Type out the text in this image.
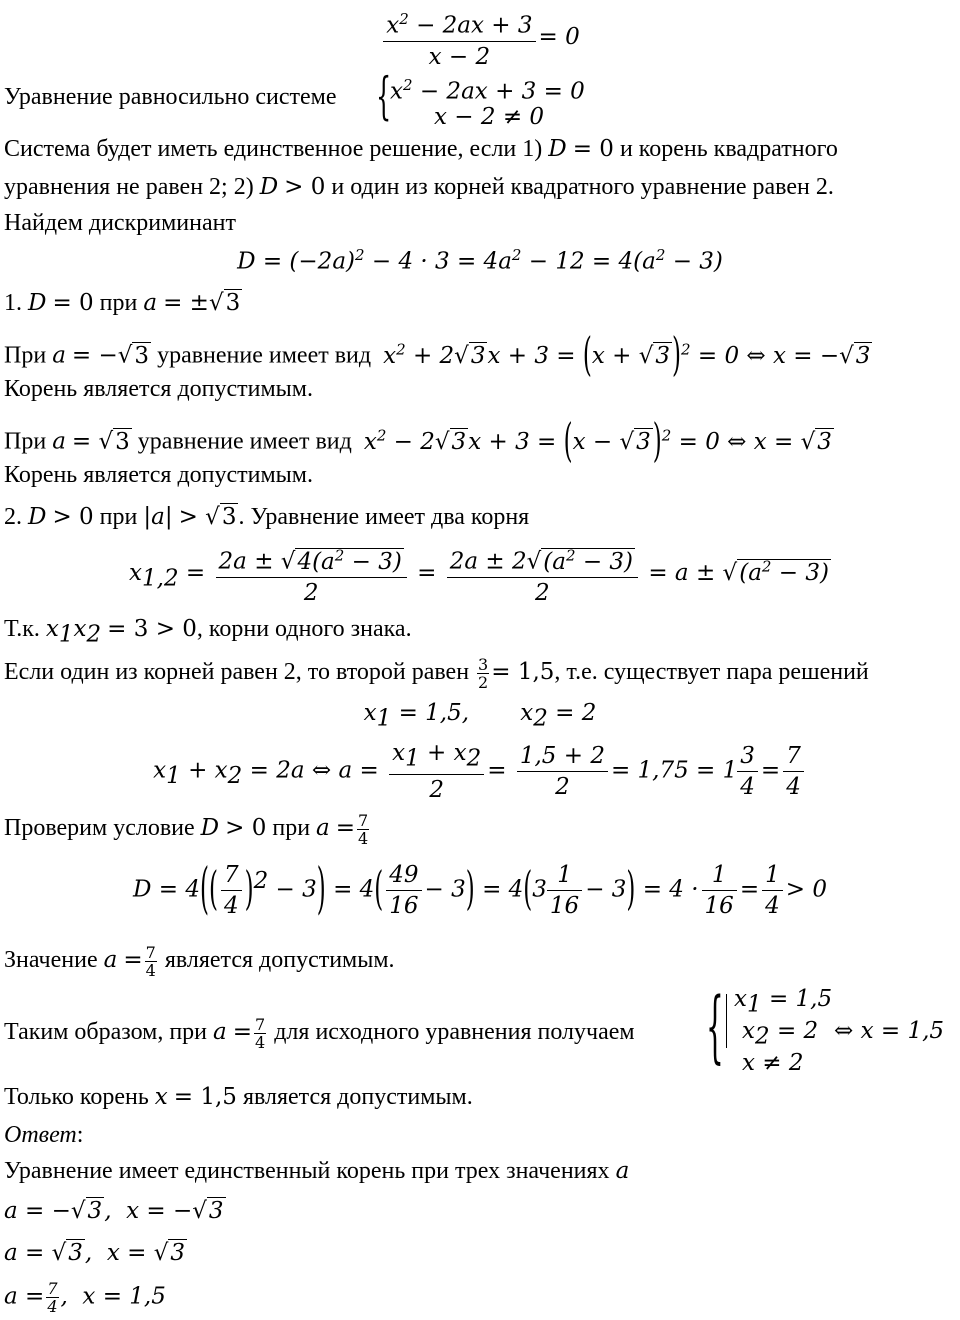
$\frac{x^2 - 2ax + 3}{x - 2} = 0$
Уравнение равносильно системе {
$x^2 - 2ax + 3 = 0$
x − 2 ≠ 0
Система будет иметь единственное решение, если 1) D = 0 и корень квадратного
уравнения не равен 2; 2) D > 0 и один из корней квадратного уравнение равен 2.
Найдем дискриминант
$D = (-2a)^2 - 4 \cdot 3 = 4a^2 - 12 = 4(a^2 - 3)$
1. D = 0 при a = ±√3
При a = −√3 уравнение имеет вид  $x^2 + 2√3x + 3 = (x + √3)^2 = 0$ ⇔ x = −√3
Корень является допустимым.
При a = √3 уравнение имеет вид  $x^2 - 2√3x + 3 = (x - √3)^2 = 0$ ⇔ x = √3
Корень является допустимым.
2. D > 0 при |a| > √3. Уравнение имеет два корня
$x_{1,2} = \frac{2a \pm √4(a^2 - 3)}{2} = \frac{2a \pm 2√(a^2 - 3)}{2} = a \pm √(a^2 - 3)$
Т.к. $x_1x_2 = 3 > 0$, корни одного знака.
Если один из корней равен 2, то второй равен $\frac{3}{2} = 1,5$, т.е. существует пара решений
$x_1 = 1,5$,       $x_2 = 2$
$x_1 + x_2 = 2a$ ⇔ $a = \frac{x_1 + x_2}{2} = \frac{1,5 + 2}{2} = 1,75 = 1 \frac{3}{4} = \frac{7}{4}$
Проверим условие D > 0 при $a = \frac{7}{4}$
$D = 4(( \frac{7}{4} )^2 - 3) = 4( \frac{49}{16} - 3) = 4(3 \frac{1}{16} - 3) = 4 \cdot \frac{1}{16} = \frac{1}{4} > 0$
Значение $a = \frac{7}{4}$ является допустимым.
Таким образом, при $a = \frac{7}{4}$ для исходного уравнения получаем	{ $x_1 = 1,5$
$x_2 = 2$
x ≠ 2
⇔ x = 1,5
Только корень x = 1,5 является допустимым.
Ответ:
Уравнение имеет единственный корень при трех значениях a
a = −√3,  x = −√3
a = √3,  x = √3
$a = \frac{7}{4}$ ,  x = 1,5
